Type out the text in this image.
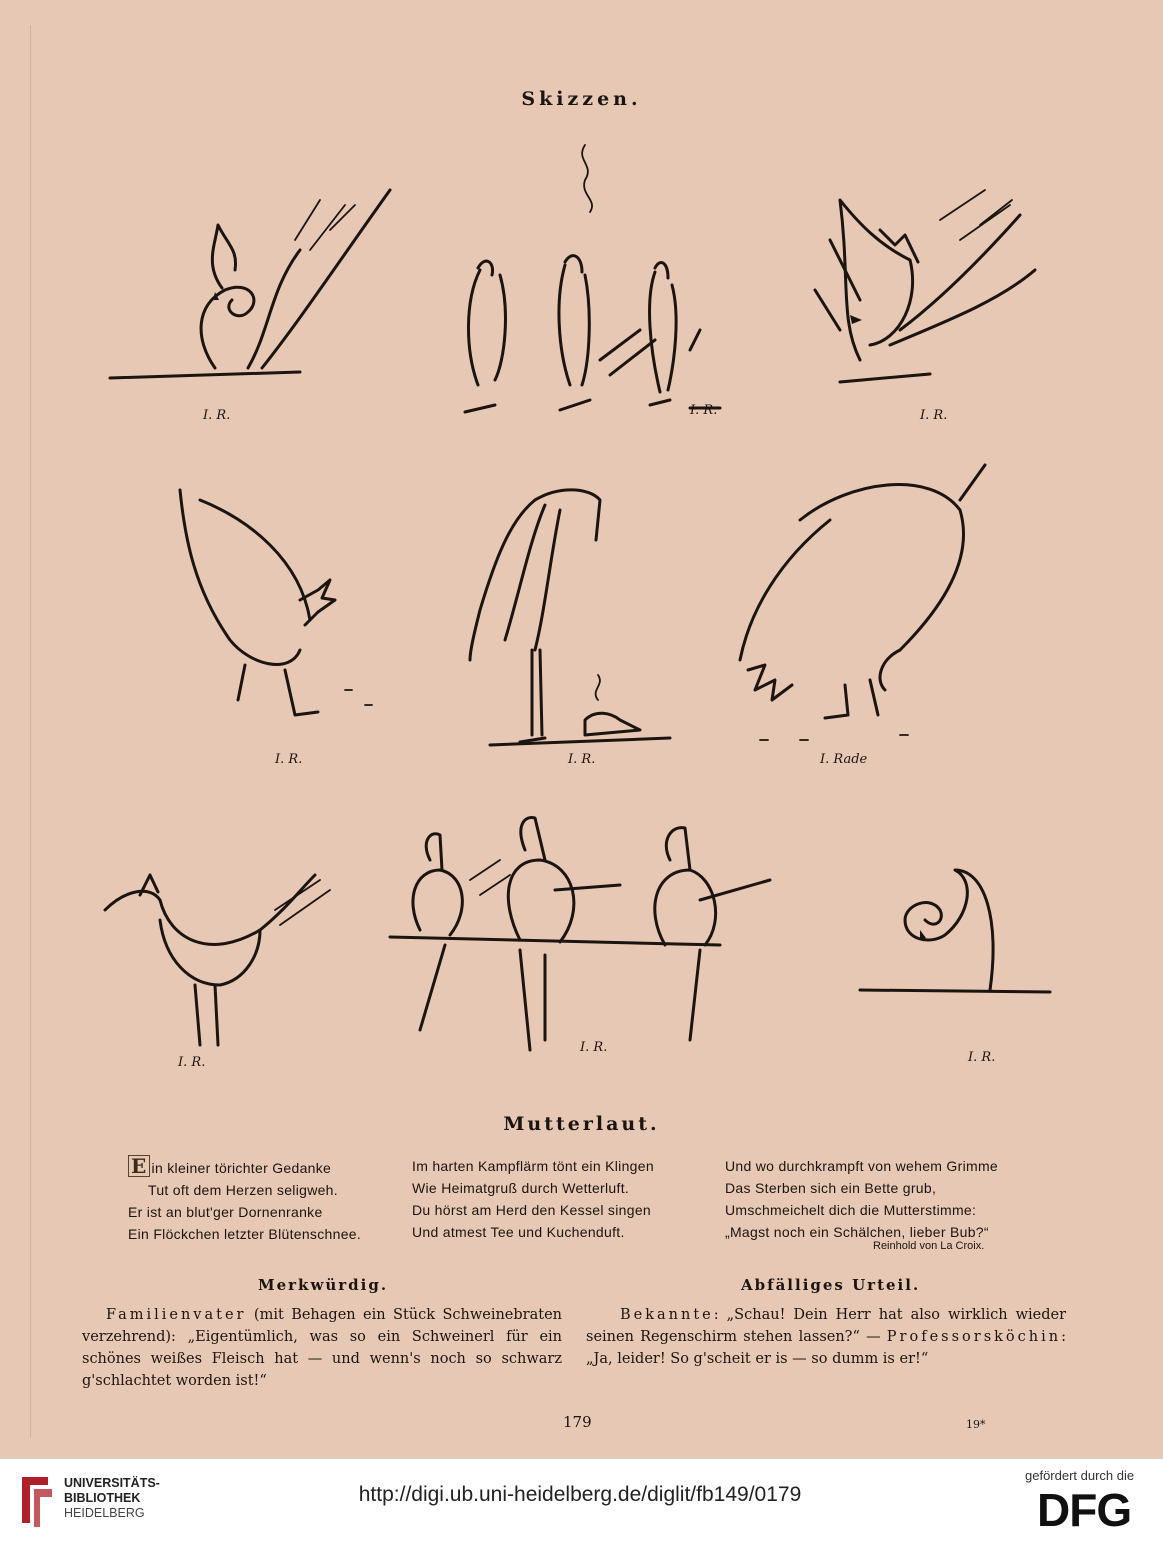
Skizzen.
I. R.	I. R.	I. R.
I. R.	I. R.	I. Rade
I. R.
I. R.
I. R.
Mutterlaut.
E in kleiner törichter Gedanke
Tut oft dem Herzen seligweh.
Er ist an blut'ger Dornenranke
Ein Flöckchen letzter Blütenschnee.
Im harten Kampflärm tönt ein Klingen
Wie Heimatgruß durch Wetterluft.
Du hörst am Herd den Kessel singen
Und atmest Tee und Kuchenduft.
Und wo durchkrampft von wehem Grimme
Das Sterben sich ein Bette grub,
Umschmeichelt dich die Mutterstimme:
„Magst noch ein Schälchen, lieber Bub?“
Reinhold von La Croix.
Merkwürdig.	Abfälliges Urteil.
Familienvater (mit Behagen ein Stück Schweinebraten verzehrend): „Eigentümlich, was so ein Schweinerl für ein schönes weißes Fleisch hat — und wenn's noch so schwarz g'schlachtet worden ist!“
Bekannte: „Schau! Dein Herr hat also wirklich wieder seinen Regenschirm stehen lassen?“ — Professorsköchin: „Ja, leider! So g'scheit er is — so dumm is er!“
179	19*
UNIVERSITÄTS-
BIBLIOTHEK
HEIDELBERG
http://digi.ub.uni-heidelberg.de/diglit/fb149/0179
gefördert durch die
DFG
